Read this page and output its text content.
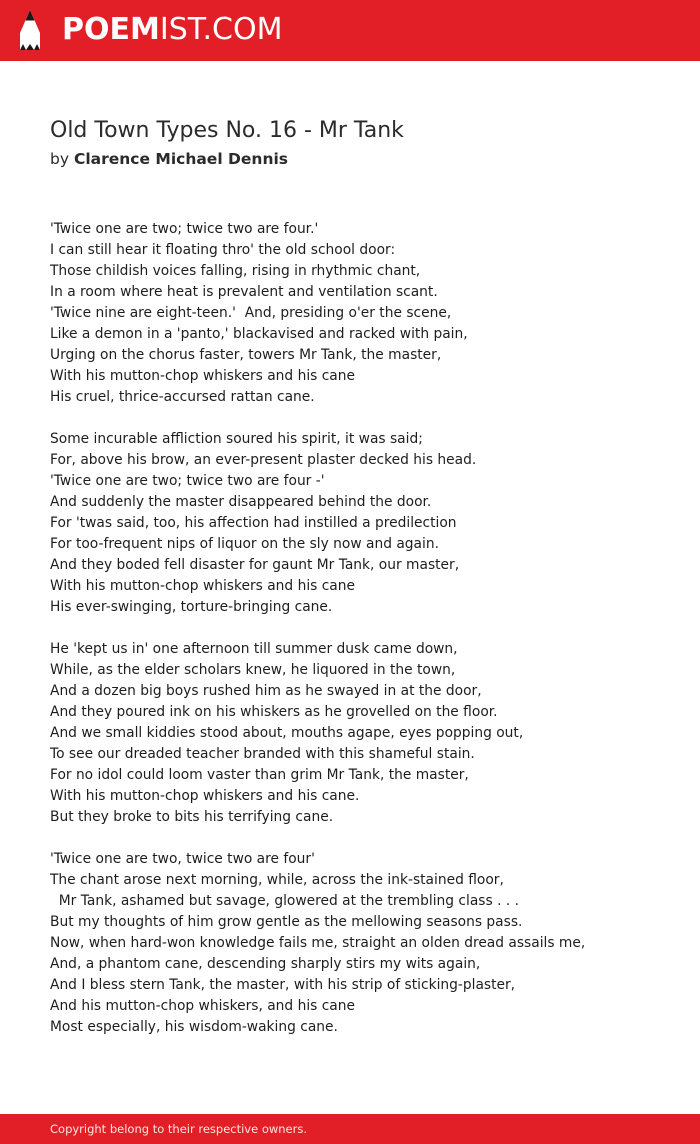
POEMIST.COM
Old Town Types No. 16 - Mr Tank
by Clarence Michael Dennis
'Twice one are two; twice two are four.'
I can still hear it floating thro' the old school door:
Those childish voices falling, rising in rhythmic chant,
In a room where heat is prevalent and ventilation scant.
'Twice nine are eight-teen.'  And, presiding o'er the scene,
Like a demon in a 'panto,' blackavised and racked with pain,
Urging on the chorus faster, towers Mr Tank, the master,
With his mutton-chop whiskers and his cane
His cruel, thrice-accursed rattan cane.
Some incurable affliction soured his spirit, it was said;
For, above his brow, an ever-present plaster decked his head.
'Twice one are two; twice two are four -'
And suddenly the master disappeared behind the door.
For 'twas said, too, his affection had instilled a predilection
For too-frequent nips of liquor on the sly now and again.
And they boded fell disaster for gaunt Mr Tank, our master,
With his mutton-chop whiskers and his cane
His ever-swinging, torture-bringing cane.
He 'kept us in' one afternoon till summer dusk came down,
While, as the elder scholars knew, he liquored in the town,
And a dozen big boys rushed him as he swayed in at the door,
And they poured ink on his whiskers as he grovelled on the floor.
And we small kiddies stood about, mouths agape, eyes popping out,
To see our dreaded teacher branded with this shameful stain.
For no idol could loom vaster than grim Mr Tank, the master,
With his mutton-chop whiskers and his cane.
But they broke to bits his terrifying cane.
'Twice one are two, twice two are four'
The chant arose next morning, while, across the ink-stained floor,
Mr Tank, ashamed but savage, glowered at the trembling class . . .
But my thoughts of him grow gentle as the mellowing seasons pass.
Now, when hard-won knowledge fails me, straight an olden dread assails me,
And, a phantom cane, descending sharply stirs my wits again,
And I bless stern Tank, the master, with his strip of sticking-plaster,
And his mutton-chop whiskers, and his cane
Most especially, his wisdom-waking cane.
Copyright belong to their respective owners.
